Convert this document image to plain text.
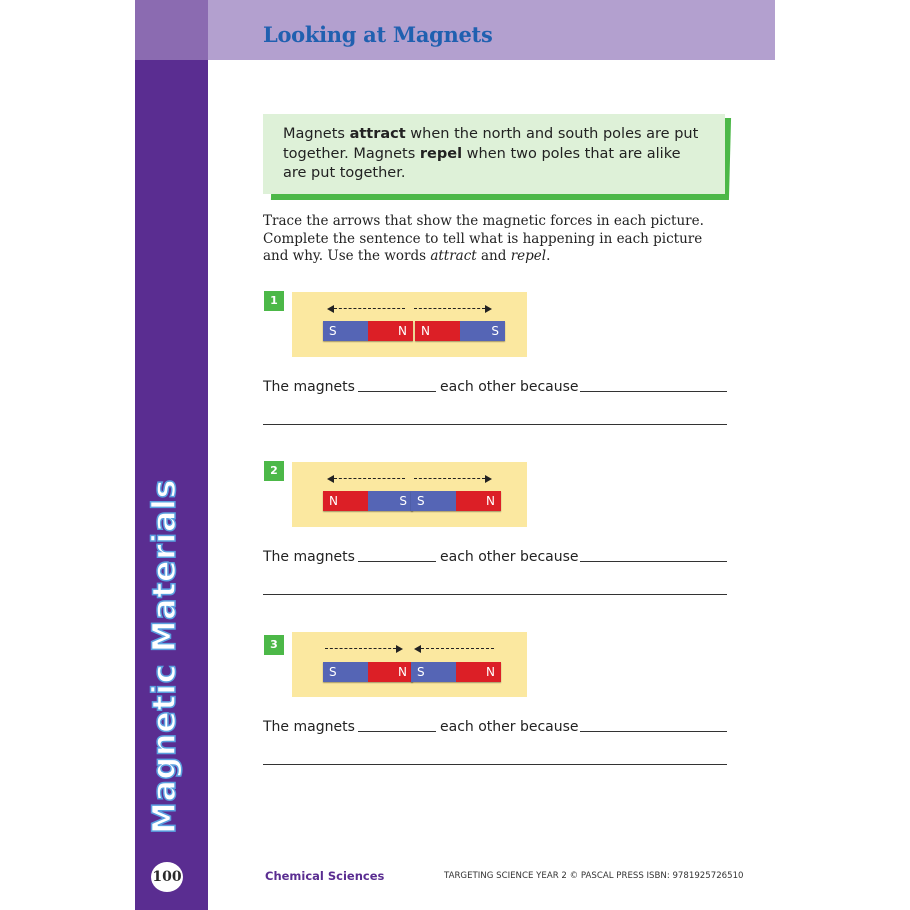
Looking at Magnets
Magnetic Materials
100
Magnets attract when the north and south poles are put together. Magnets repel when two poles that are alike are put together.
Trace the arrows that show the magnetic forces in each picture. Complete the sentence to tell what is happening in each picture and why. Use the words attract and repel.
1
S	N	N	S
The magnets	each other because
2
N	S S	N
The magnets	each other because
3
S	N S	N
The magnets	each other because
Chemical Sciences	TARGETING SCIENCE YEAR 2 © PASCAL PRESS ISBN: 9781925726510
